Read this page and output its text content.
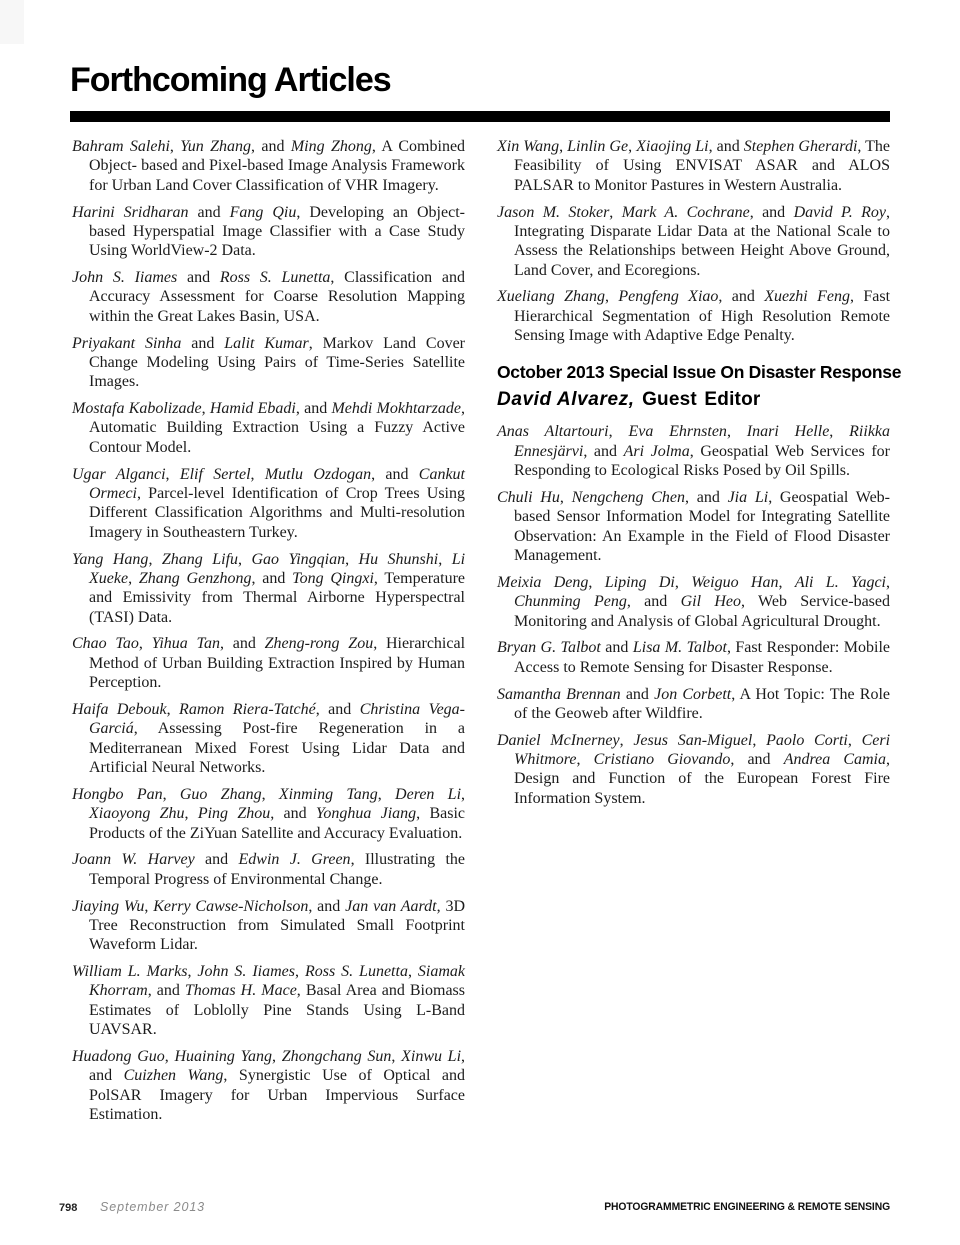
Forthcoming Articles

Bahram Salehi, Yun Zhang, and Ming Zhong, A Combined Object- based and Pixel-based Image Analysis Framework for Urban Land Cover Classification of VHR Imagery.

Harini Sridharan and Fang Qiu, Developing an Object-based Hyperspatial Image Classifier with a Case Study Using WorldView-2 Data.

John S. Iiames and Ross S. Lunetta, Classification and Accuracy Assessment for Coarse Resolution Mapping within the Great Lakes Basin, USA.

Priyakant Sinha and Lalit Kumar, Markov Land Cover Change Modeling Using Pairs of Time-Series Satellite Images.

Mostafa Kabolizade, Hamid Ebadi, and Mehdi Mokhtarzade, Automatic Building Extraction Using a Fuzzy Active Contour Model.

Ugar Alganci, Elif Sertel, Mutlu Ozdogan, and Cankut Ormeci, Parcel-level Identification of Crop Trees Using Different Classification Algorithms and Multi-resolution Imagery in Southeastern Turkey.

Yang Hang, Zhang Lifu, Gao Yingqian, Hu Shunshi, Li Xueke, Zhang Genzhong, and Tong Qingxi, Temperature and Emissivity from Thermal Airborne Hyperspectral (TASI) Data.

Chao Tao, Yihua Tan, and Zheng-rong Zou, Hierarchical Method of Urban Building Extraction Inspired by Human Perception.

Haifa Debouk, Ramon Riera-Tatché, and Christina Vega-Garciá, Assessing Post-fire Regeneration in a Mediterranean Mixed Forest Using Lidar Data and Artificial Neural Networks.

Hongbo Pan, Guo Zhang, Xinming Tang, Deren Li, Xiaoyong Zhu, Ping Zhou, and Yonghua Jiang, Basic Products of the ZiYuan Satellite and Accuracy Evaluation.

Joann W. Harvey and Edwin J. Green, Illustrating the Temporal Progress of Environmental Change.

Jiaying Wu, Kerry Cawse-Nicholson, and Jan van Aardt, 3D Tree Reconstruction from Simulated Small Footprint Waveform Lidar.

William L. Marks, John S. Iiames, Ross S. Lunetta, Siamak Khorram, and Thomas H. Mace, Basal Area and Biomass Estimates of Loblolly Pine Stands Using L-Band UAVSAR.

Huadong Guo, Huaining Yang, Zhongchang Sun, Xinwu Li, and Cuizhen Wang, Synergistic Use of Optical and PolSAR Imagery for Urban Impervious Surface Estimation.

Xin Wang, Linlin Ge, Xiaojing Li, and Stephen Gherardi, The Feasibility of Using ENVISAT ASAR and ALOS PALSAR to Monitor Pastures in Western Australia.

Jason M. Stoker, Mark A. Cochrane, and David P. Roy, Integrating Disparate Lidar Data at the National Scale to Assess the Relationships between Height Above Ground, Land Cover, and Ecoregions.

Xueliang Zhang, Pengfeng Xiao, and Xuezhi Feng, Fast Hierarchical Segmentation of High Resolution Remote Sensing Image with Adaptive Edge Penalty.

October 2013 Special Issue On Disaster Response
David Alvarez, Guest Editor

Anas Altartouri, Eva Ehrnsten, Inari Helle, Riikka Ennesjärvi, and Ari Jolma, Geospatial Web Services for Responding to Ecological Risks Posed by Oil Spills.

Chuli Hu, Nengcheng Chen, and Jia Li, Geospatial Web-based Sensor Information Model for Integrating Satellite Observation: An Example in the Field of Flood Disaster Management.

Meixia Deng, Liping Di, Weiguo Han, Ali L. Yagci, Chunming Peng, and Gil Heo, Web Service-based Monitoring and Analysis of Global Agricultural Drought.

Bryan G. Talbot and Lisa M. Talbot, Fast Responder: Mobile Access to Remote Sensing for Disaster Response.

Samantha Brennan and Jon Corbett, A Hot Topic: The Role of the Geoweb after Wildfire.

Daniel McInerney, Jesus San-Miguel, Paolo Corti, Ceri Whitmore, Cristiano Giovando, and Andrea Camia, Design and Function of the European Forest Fire Information System.

798 September 2013	PHOTOGRAMMETRIC ENGINEERING & REMOTE SENSING
